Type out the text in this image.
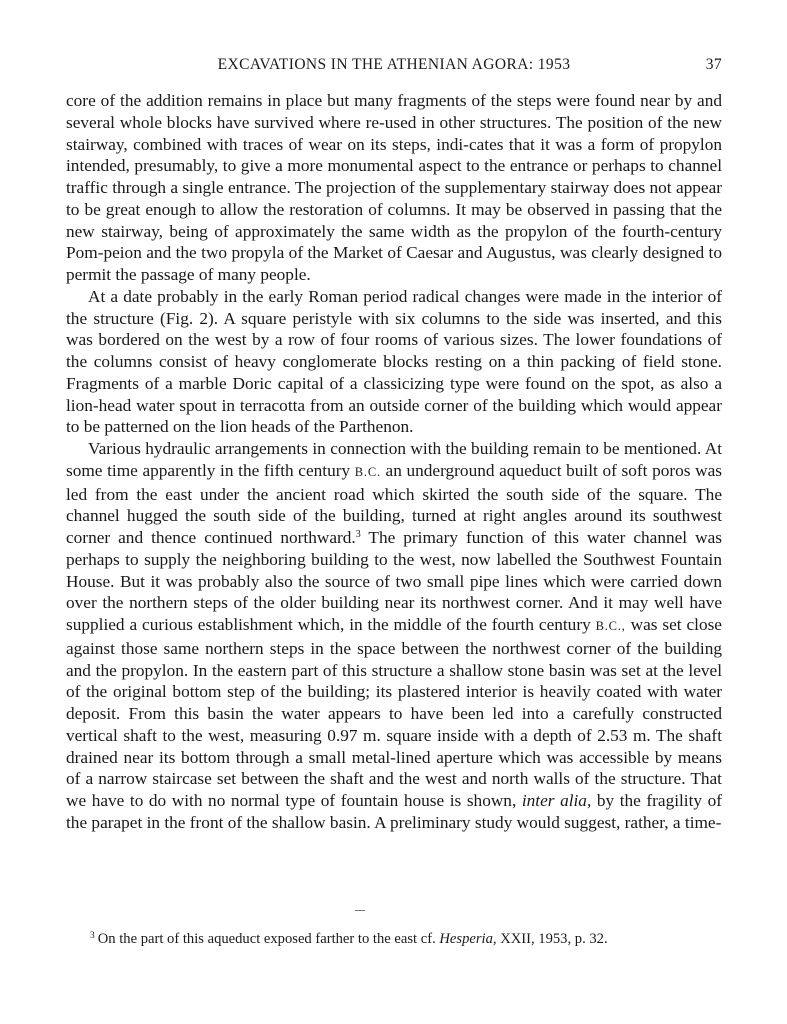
EXCAVATIONS IN THE ATHENIAN AGORA: 1953	37

core of the addition remains in place but many fragments of the steps were found near by and several whole blocks have survived where re-used in other structures. The position of the new stairway, combined with traces of wear on its steps, indi-cates that it was a form of propylon intended, presumably, to give a more monumental aspect to the entrance or perhaps to channel traffic through a single entrance. The projection of the supplementary stairway does not appear to be great enough to allow the restoration of columns. It may be observed in passing that the new stairway, being of approximately the same width as the propylon of the fourth-century Pom-peion and the two propyla of the Market of Caesar and Augustus, was clearly designed to permit the passage of many people.

At a date probably in the early Roman period radical changes were made in the interior of the structure (Fig. 2). A square peristyle with six columns to the side was inserted, and this was bordered on the west by a row of four rooms of various sizes. The lower foundations of the columns consist of heavy conglomerate blocks resting on a thin packing of field stone. Fragments of a marble Doric capital of a classicizing type were found on the spot, as also a lion-head water spout in terracotta from an outside corner of the building which would appear to be patterned on the lion heads of the Parthenon.

Various hydraulic arrangements in connection with the building remain to be mentioned. At some time apparently in the fifth century B.C. an underground aqueduct built of soft poros was led from the east under the ancient road which skirted the south side of the square. The channel hugged the south side of the building, turned at right angles around its southwest corner and thence continued northward.$^3$ The primary function of this water channel was perhaps to supply the neighboring building to the west, now labelled the Southwest Fountain House. But it was probably also the source of two small pipe lines which were carried down over the northern steps of the older building near its northwest corner. And it may well have supplied a curious establishment which, in the middle of the fourth century B.C., was set close against those same northern steps in the space between the northwest corner of the building and the propylon. In the eastern part of this structure a shallow stone basin was set at the level of the original bottom step of the building; its plastered interior is heavily coated with water deposit. From this basin the water appears to have been led into a carefully constructed vertical shaft to the west, measuring 0.97 m. square inside with a depth of 2.53 m. The shaft drained near its bottom through a small metal-lined aperture which was accessible by means of a narrow staircase set between the shaft and the west and north walls of the structure. That we have to do with no normal type of fountain house is shown, inter alia, by the fragility of the parapet in the front of the shallow basin. A preliminary study would suggest, rather, a time-

$^3$ On the part of this aqueduct exposed farther to the east cf. Hesperia, XXII, 1953, p. 32.
